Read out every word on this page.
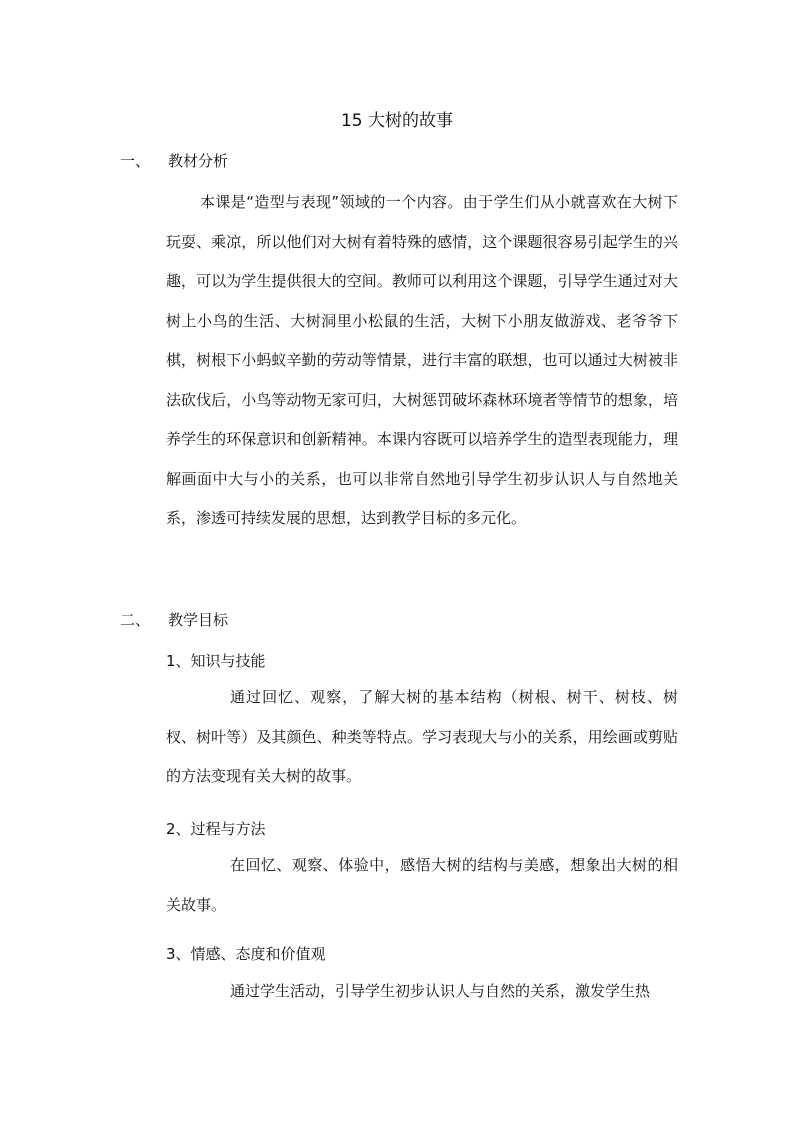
15 大树的故事
一、 教材分析

本课是“造型与表现”领域的一个内容。由于学生们从小就喜欢在大树下玩耍、乘凉，所以他们对大树有着特殊的感情，这个课题很容易引起学生的兴趣，可以为学生提供很大的空间。教师可以利用这个课题，引导学生通过对大树上小鸟的生活、大树洞里小松鼠的生活，大树下小朋友做游戏、老爷爷下棋，树根下小蚂蚁辛勤的劳动等情景，进行丰富的联想，也可以通过大树被非法砍伐后，小鸟等动物无家可归，大树惩罚破坏森林环境者等情节的想象，培养学生的环保意识和创新精神。本课内容既可以培养学生的造型表现能力，理解画面中大与小的关系，也可以非常自然地引导学生初步认识人与自然地关系，渗透可持续发展的思想，达到教学目标的多元化。

二、 教学目标
1、知识与技能

通过回忆、观察，了解大树的基本结构（树根、树干、树枝、树杈、树叶等）及其颜色、种类等特点。学习表现大与小的关系，用绘画或剪贴的方法变现有关大树的故事。

2、过程与方法

在回忆、观察、体验中，感悟大树的结构与美感，想象出大树的相关故事。

3、情感、态度和价值观

通过学生活动，引导学生初步认识人与自然的关系，激发学生热
